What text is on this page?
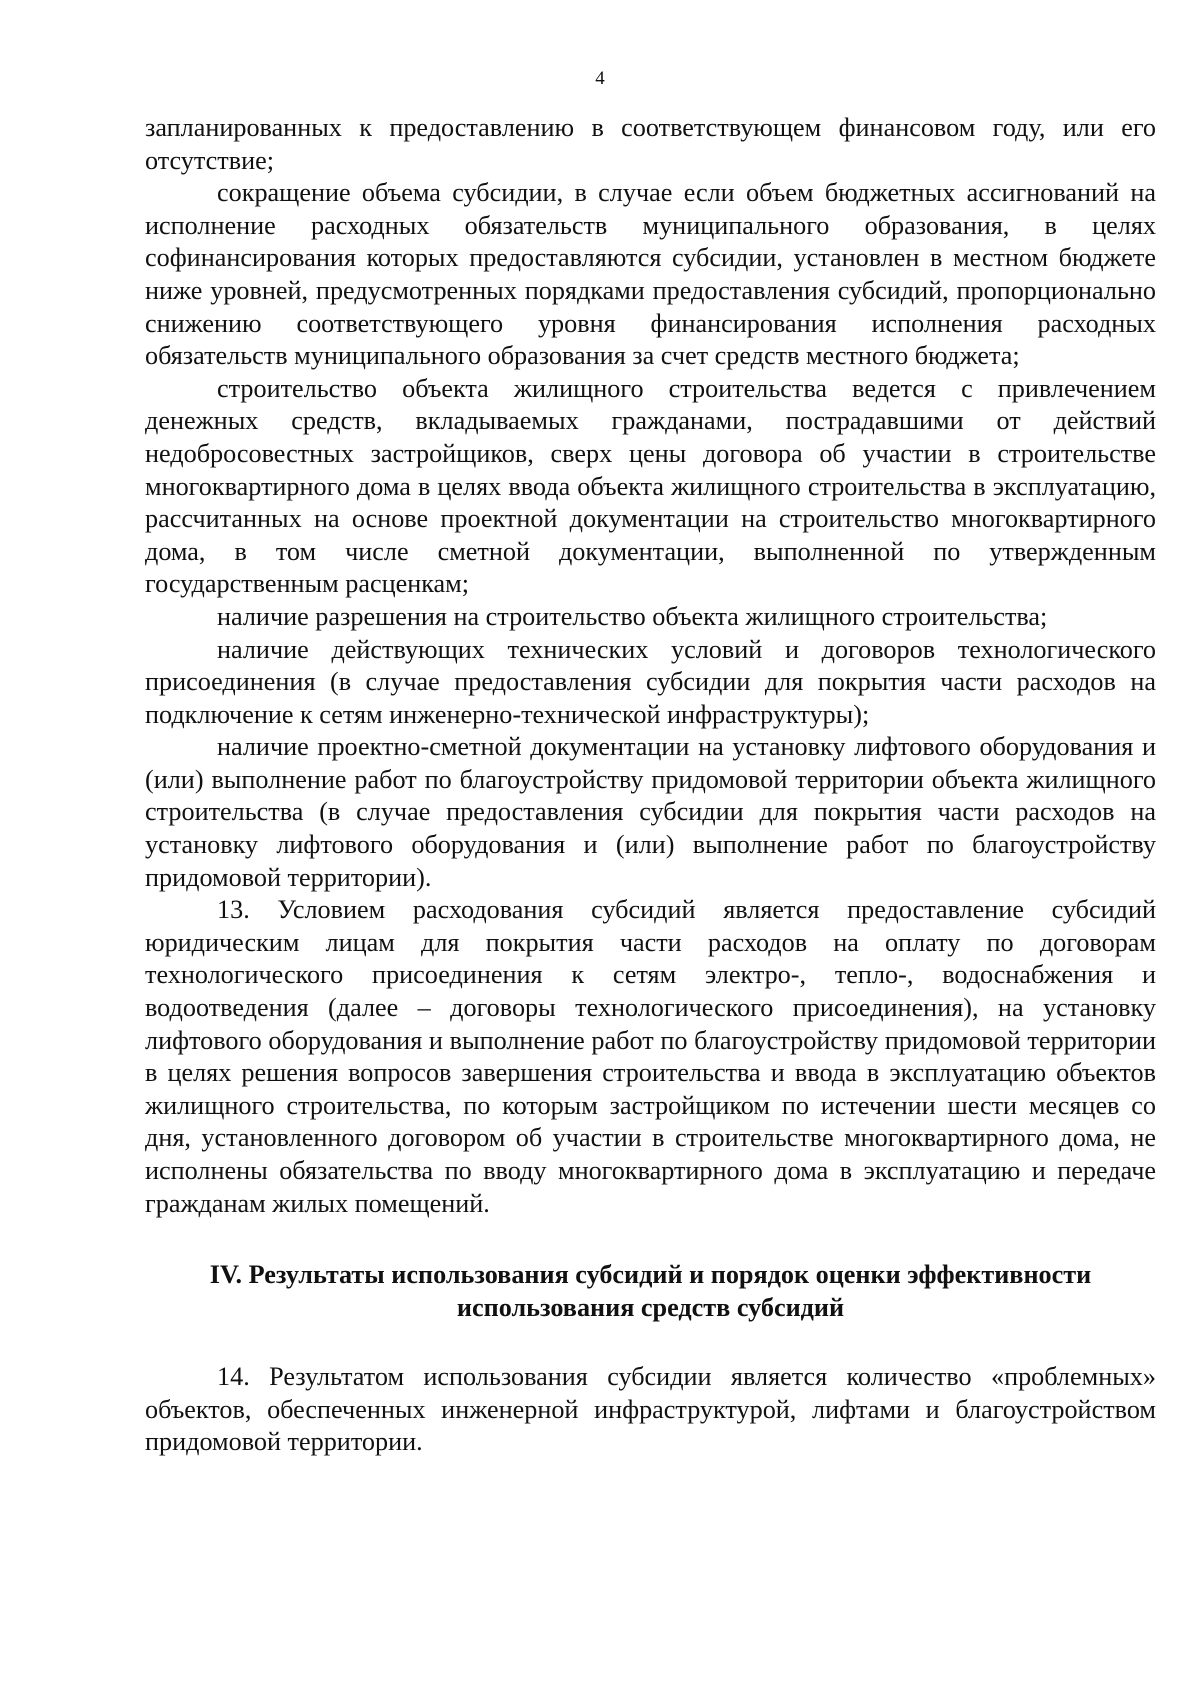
4

запланированных к предоставлению в соответствующем финансовом году, или его отсутствие;

сокращение объема субсидии, в случае если объем бюджетных ассигнований на исполнение расходных обязательств муниципального образования, в целях софинансирования которых предоставляются субсидии, установлен в местном бюджете ниже уровней, предусмотренных порядками предоставления субсидий, пропорционально снижению соответствующего уровня финансирования исполнения расходных обязательств муниципального образования за счет средств местного бюджета;

строительство объекта жилищного строительства ведется с привлечением денежных средств, вкладываемых гражданами, пострадавшими от действий недобросовестных застройщиков, сверх цены договора об участии в строительстве многоквартирного дома в целях ввода объекта жилищного строительства в эксплуатацию, рассчитанных на основе проектной документации на строительство многоквартирного дома, в том числе сметной документации, выполненной по утвержденным государственным расценкам;

наличие разрешения на строительство объекта жилищного строительства;

наличие действующих технических условий и договоров технологического присоединения (в случае предоставления субсидии для покрытия части расходов на подключение к сетям инженерно-технической инфраструктуры);

наличие проектно-сметной документации на установку лифтового оборудования и (или) выполнение работ по благоустройству придомовой территории объекта жилищного строительства (в случае предоставления субсидии для покрытия части расходов на установку лифтового оборудования и (или) выполнение работ по благоустройству придомовой территории).

13. Условием расходования субсидий является предоставление субсидий юридическим лицам для покрытия части расходов на оплату по договорам технологического присоединения к сетям электро-, тепло-, водоснабжения и водоотведения (далее – договоры технологического присоединения), на установку лифтового оборудования и выполнение работ по благоустройству придомовой территории в целях решения вопросов завершения строительства и ввода в эксплуатацию объектов жилищного строительства, по которым застройщиком по истечении шести месяцев со дня, установленного договором об участии в строительстве многоквартирного дома, не исполнены обязательства по вводу многоквартирного дома в эксплуатацию и передаче гражданам жилых помещений.

IV. Результаты использования субсидий и порядок оценки эффективности
использования средств субсидий

14. Результатом использования субсидии является количество «проблемных» объектов, обеспеченных инженерной инфраструктурой, лифтами и благоустройством придомовой территории.
